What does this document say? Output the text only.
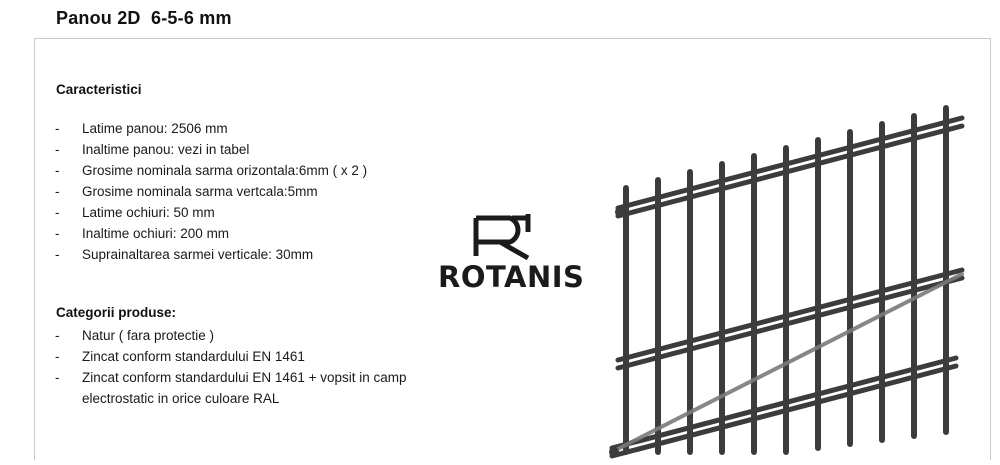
Panou 2D  6-5-6 mm
Caracteristici
- Latime panou: 2506 mm
- Inaltime panou: vezi in tabel
- Grosime nominala sarma orizontala:6mm ( x 2 )
- Grosime nominala sarma vertcala:5mm
- Latime ochiuri: 50 mm
- Inaltime ochiuri: 200 mm
- Suprainaltarea sarmei verticale: 30mm
Categorii produse:
- Natur ( fara protectie )
- Zincat conform standardului EN 1461
- Zincat conform standardului EN 1461 + vopsit in camp
electrostatic in orice culoare RAL
ROTANIS
